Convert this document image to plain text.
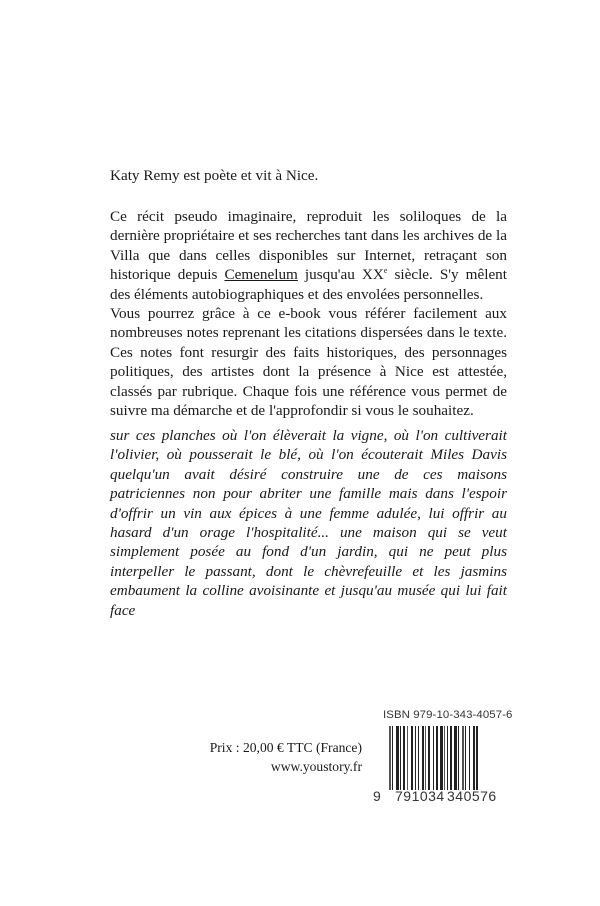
Katy Remy est poète et vit à Nice.

Ce récit pseudo imaginaire, reproduit les soliloques de la dernière propriétaire et ses recherches tant dans les archives de la Villa que dans celles disponibles sur Internet, retraçant son historique depuis Cemenelum jusqu'au XXe siècle. S'y mêlent des éléments autobiographiques et des envolées personnelles.

Vous pourrez grâce à ce e-book vous référer facilement aux nombreuses notes reprenant les citations dispersées dans le texte. Ces notes font resurgir des faits historiques, des personnages politiques, des artistes dont la présence à Nice est attestée, classés par rubrique. Chaque fois une référence vous permet de suivre ma démarche et de l'approfondir si vous le souhaitez.

sur ces planches où l'on élèverait la vigne, où l'on cultiverait l'olivier, où pousserait le blé, où l'on écouterait Miles Davis quelqu'un avait désiré construire une de ces maisons patriciennes non pour abriter une famille mais dans l'espoir d'offrir un vin aux épices à une femme adulée, lui offrir au hasard d'un orage l'hospitalité... une maison qui se veut simplement posée au fond d'un jardin, qui ne peut plus interpeller le passant, dont le chèvrefeuille et les jasmins embaument la colline avoisinante et jusqu'au musée qui lui fait face
Prix : 20,00 € TTC (France)
www.youstory.fr
ISBN 979-10-343-4057-6
9 791034 340576
